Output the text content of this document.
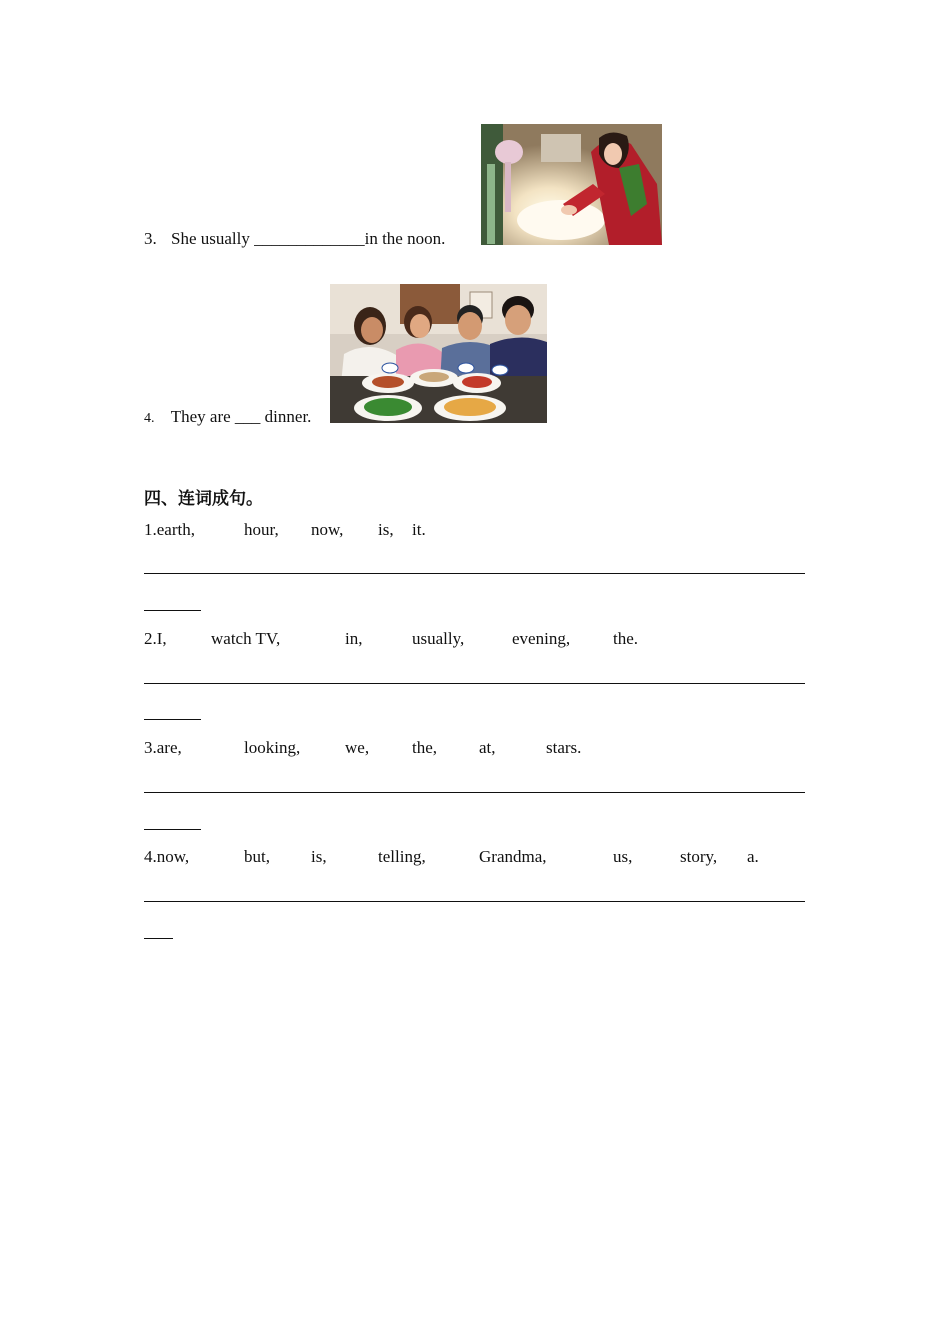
3. She usually _____________in the noon.
4. They are ___ dinner.
四、连词成句。
1.earth,	hour, now, is, it.
2.I,	watch TV,	in,	usually,	evening,	the.
3.are,	looking,	we,	the, at,	stars.
4.now,	but, is,	telling,	Grandma,	us,	story, a.
